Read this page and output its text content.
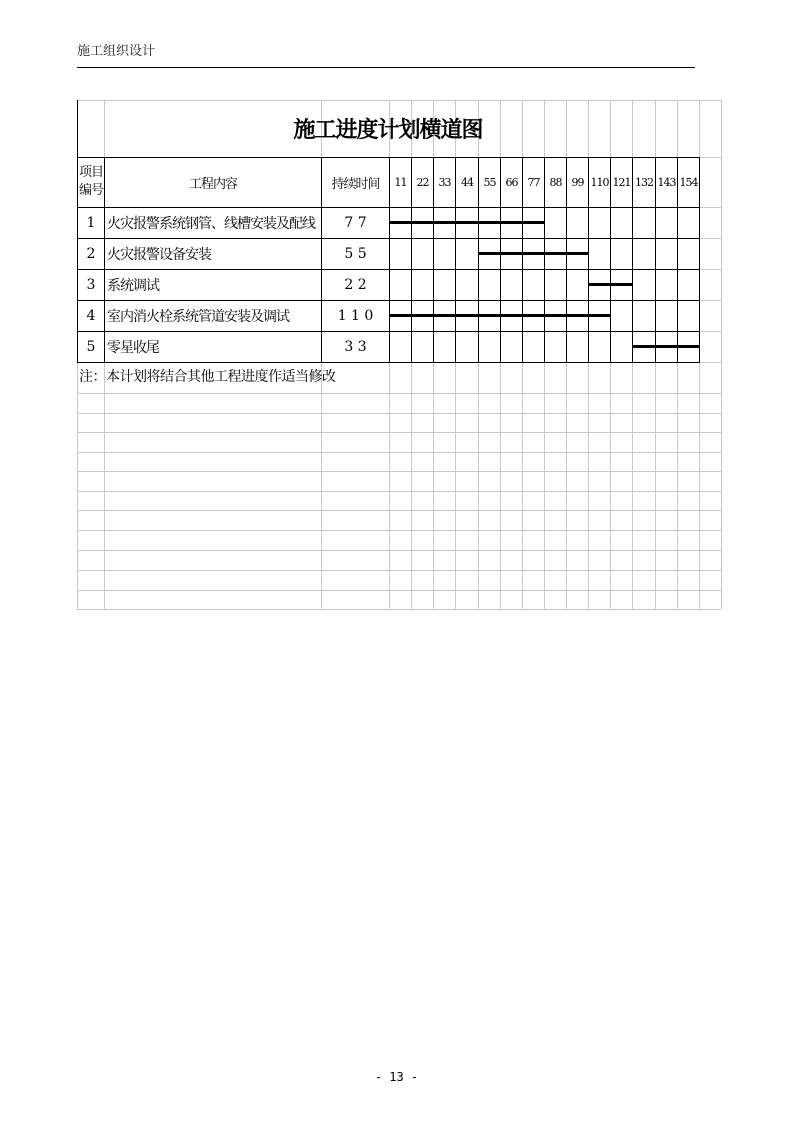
施工组织设计
施工进度计划横道图
项目
编号	工程内容	持续时间	11 22 33 44 55 66 77 88 99 110 121 132 143 154
1 火灾报警系统钢管、线槽安装及配线	7 7
2 火灾报警设备安装	5 5
3 系统调试	2 2
4 室内消火栓系统管道安装及调试	1 1 0
5 零星收尾	3 3
注：本计划将结合其他工程进度作适当修改
- 13 -
